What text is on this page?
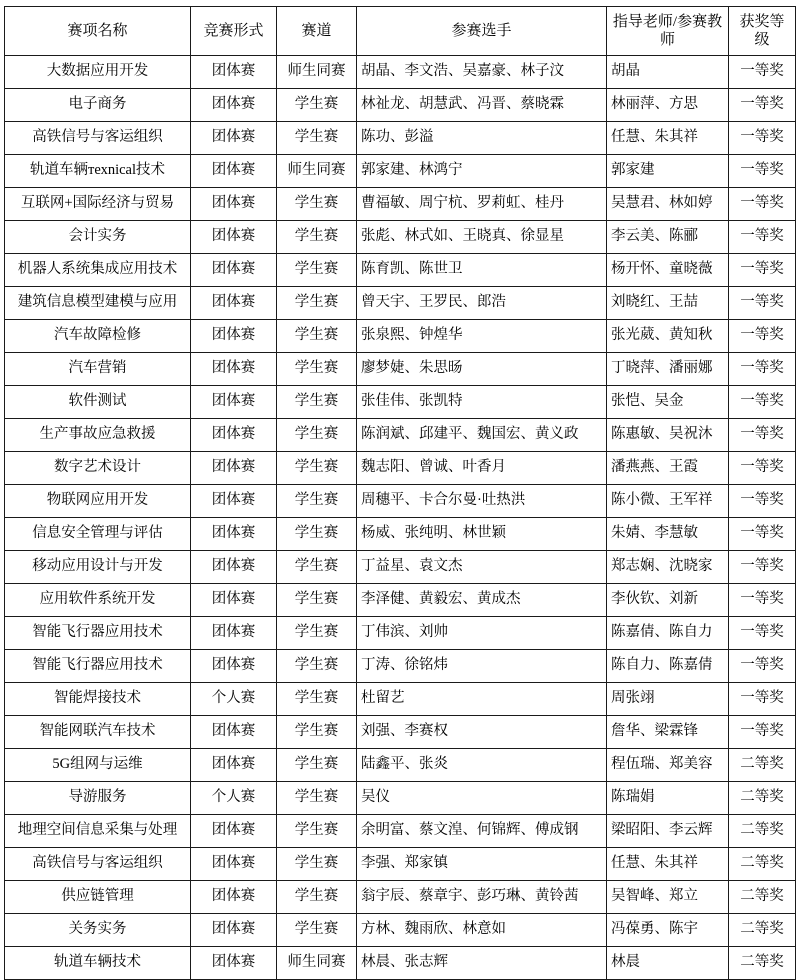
赛项名称	竞赛形式	赛道	参赛选手	指导老师/参赛教师	获奖等级

大数据应用开发	团体赛	师生同赛	胡晶、李文浩、吴嘉豪、林子汶	胡晶	一等奖

电子商务	团体赛	学生赛	林祉龙、胡慧武、冯晋、蔡晓霖	林丽萍、方思	一等奖

高铁信号与客运组织	团体赛	学生赛	陈功、彭溢	任慧、朱其祥	一等奖

轨道车辆техnical技术	团体赛	师生同赛	郭家建、林鸿宁	郭家建	一等奖

互联网+国际经济与贸易	团体赛	学生赛	曹福敏、周宁杭、罗莉虹、桂丹	吴慧君、林如婷	一等奖

会计实务	团体赛	学生赛	张彪、林式如、王晓真、徐显星	李云美、陈郦	一等奖

机器人系统集成应用技术	团体赛	学生赛	陈育凯、陈世卫	杨开怀、童晓薇	一等奖

建筑信息模型建模与应用	团体赛	学生赛	曾天宇、王罗民、郎浩	刘晓红、王喆	一等奖

汽车故障检修	团体赛	学生赛	张泉熙、钟煌华	张光葳、黄知秋	一等奖

汽车营销	团体赛	学生赛	廖梦婕、朱思旸	丁晓萍、潘丽娜	一等奖

软件测试	团体赛	学生赛	张佳伟、张凯特	张恺、吴金	一等奖

生产事故应急救援	团体赛	学生赛	陈润斌、邱建平、魏国宏、黄义政	陈惠敏、吴祝沐	一等奖

数字艺术设计	团体赛	学生赛	魏志阳、曾诚、叶香月	潘燕燕、王霞	一等奖

物联网应用开发	团体赛	学生赛	周穗平、卡合尔曼·吐热洪	陈小微、王军祥	一等奖

信息安全管理与评估	团体赛	学生赛	杨威、张纯明、林世颖	朱婧、李慧敏	一等奖

移动应用设计与开发	团体赛	学生赛	丁益星、袁文杰	郑志娴、沈晓家	一等奖

应用软件系统开发	团体赛	学生赛	李泽健、黄毅宏、黄成杰	李伙钦、刘新	一等奖

智能飞行器应用技术	团体赛	学生赛	丁伟滨、刘帅	陈嘉倩、陈自力	一等奖

智能飞行器应用技术	团体赛	学生赛	丁涛、徐铭炜	陈自力、陈嘉倩	一等奖

智能焊接技术	个人赛	学生赛	杜留艺	周张翊	一等奖

智能网联汽车技术	团体赛	学生赛	刘强、李赛权	詹华、梁霖锋	一等奖

5G组网与运维	团体赛	学生赛	陆鑫平、张炎	程伍瑞、郑美容	二等奖

导游服务	个人赛	学生赛	吴仪	陈瑞娟	二等奖

地理空间信息采集与处理	团体赛	学生赛	余明富、蔡文湟、何锦辉、傅成钢	梁昭阳、李云辉	二等奖

高铁信号与客运组织	团体赛	学生赛	李强、郑家镇	任慧、朱其祥	二等奖

供应链管理	团体赛	学生赛	翁宇辰、蔡章宇、彭巧琳、黄铃茜	吴智峰、郑立	二等奖

关务实务	团体赛	学生赛	方林、魏雨欣、林意如	冯葆勇、陈宇	二等奖

轨道车辆技术	团体赛	师生同赛	林晨、张志辉	林晨	二等奖
